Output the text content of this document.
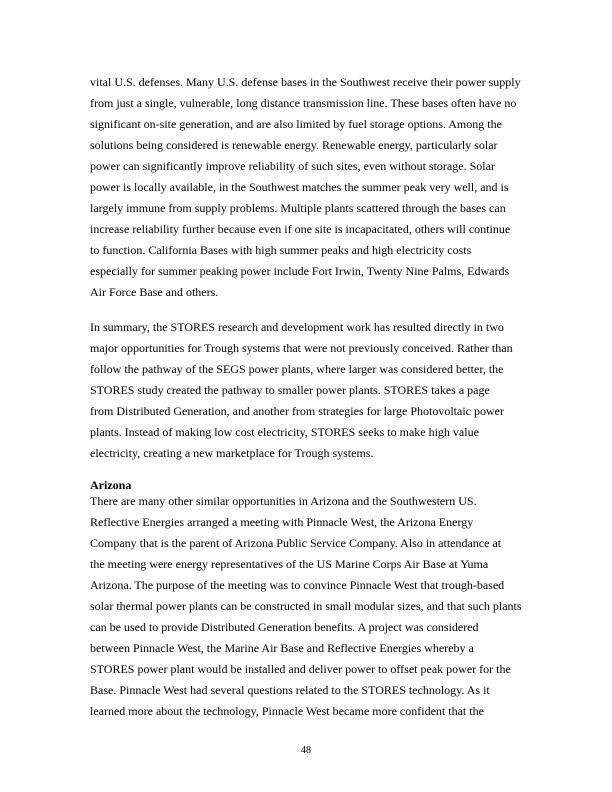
vital U.S. defenses. Many U.S. defense bases in the Southwest receive their power supply
from just a single, vulnerable, long distance transmission line. These bases often have no
significant on-site generation, and are also limited by fuel storage options. Among the
solutions being considered is renewable energy. Renewable energy, particularly solar
power can significantly improve reliability of such sites, even without storage. Solar
power is locally available, in the Southwest matches the summer peak very well, and is
largely immune from supply problems. Multiple plants scattered through the bases can
increase reliability further because even if one site is incapacitated, others will continue
to function. California Bases with high summer peaks and high electricity costs
especially for summer peaking power include Fort Irwin, Twenty Nine Palms, Edwards
Air Force Base and others.
In summary, the STORES research and development work has resulted directly in two
major opportunities for Trough systems that were not previously conceived. Rather than
follow the pathway of the SEGS power plants, where larger was considered better, the
STORES study created the pathway to smaller power plants. STORES takes a page
from Distributed Generation, and another from strategies for large Photovoltaic power
plants. Instead of making low cost electricity, STORES seeks to make high value
electricity, creating a new marketplace for Trough systems.
Arizona
There are many other similar opportunities in Arizona and the Southwestern US.
Reflective Energies arranged a meeting with Pinnacle West, the Arizona Energy
Company that is the parent of Arizona Public Service Company. Also in attendance at
the meeting were energy representatives of the US Marine Corps Air Base at Yuma
Arizona. The purpose of the meeting was to convince Pinnacle West that trough-based
solar thermal power plants can be constructed in small modular sizes, and that such plants
can be used to provide Distributed Generation benefits. A project was considered
between Pinnacle West, the Marine Air Base and Reflective Energies whereby a
STORES power plant would be installed and deliver power to offset peak power for the
Base. Pinnacle West had several questions related to the STORES technology. As it
learned more about the technology, Pinnacle West became more confident that the
48
